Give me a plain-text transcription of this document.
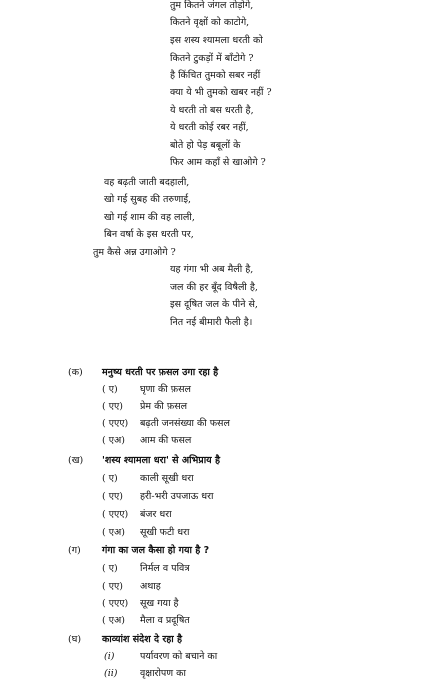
तुम कितने जंगल तोड़ोगे,
कितने वृक्षों को काटोगे,
इस शस्य श्यामला धरती को
कितने टुकड़ों में बाँटोगे ?
है किंचित तुमको सबर नहीं
क्या ये भी तुमको खबर नहीं ?
ये धरती तो बस धरती है,
ये धरती कोई रबर नहीं,
बोते हो पेड़ बबूलों के
फिर आम कहाँ से खाओगे ?
वह बढ़ती जाती बदहाली,
खो गई सुबह की तरुणाई,
खो गई शाम की वह लाली,
बिन वर्षा के इस धरती पर,
तुम कैसे अन्न उगाओगे ?
यह गंगा भी अब मैली है,
जल की हर बूँद विषैली है,
इस दूषित जल के पीने से,
नित नई बीमारी फैली है।
(क) मनुष्य धरती पर फ़सल उगा रहा है
( ए) घृणा की फ़सल
( एए) प्रेम की फ़सल
( एएए) बढ़ती जनसंख्या की फसल
( एअ) आम की फसल
(ख) 'शस्य श्यामला धरा' से अभिप्राय है
( ए) काली सूखी धरा
( एए) हरी-भरी उपजाऊ धरा
( एएए) बंजर धरा
( एअ) सूखी फटी धरा
(ग) गंगा का जल कैसा हो गया है ?
( ए) निर्मल व पवित्र
( एए) अथाह
( एएए) सूख गया है
( एअ) मैला व प्रदूषित
(घ) काव्यांश संदेश दे रहा है
(i)	पर्यावरण को बचाने का
(ii) वृक्षारोपण का
